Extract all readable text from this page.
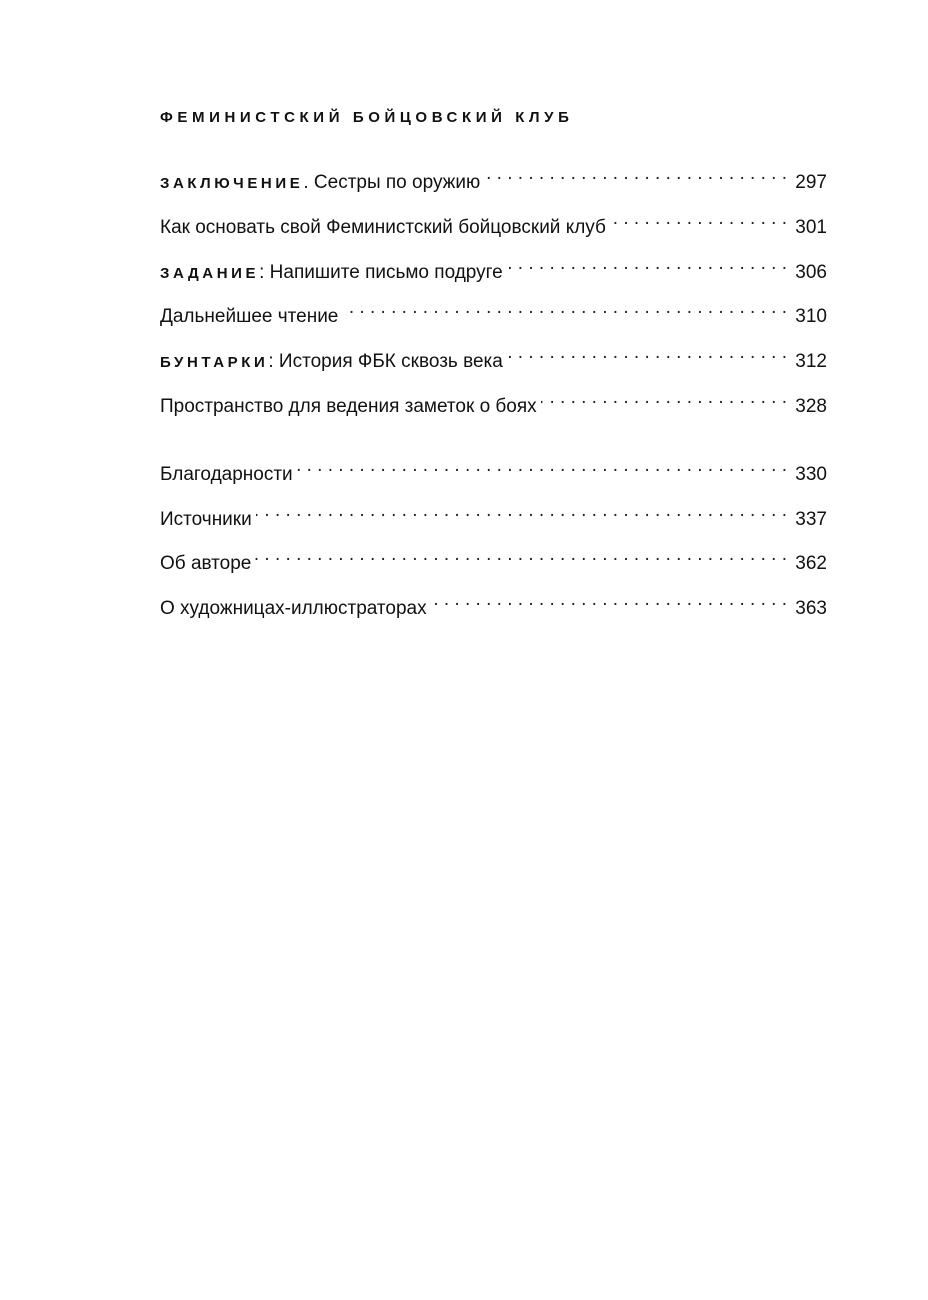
ФЕМИНИСТСКИЙ БОЙЦОВСКИЙ КЛУБ
ЗАКЛЮЧЕНИЕ. Сестры по оружию . . .	297
Как основать свой Феминистский бойцовский клуб . . .	301
ЗАДАНИЕ: Напишите письмо подруге . . .	306
Дальнейшее чтение . . .	310
БУНТАРКИ: История ФБК сквозь века . . .	312
Пространство для ведения заметок о боях . . .	328
Благодарности . . .	330
Источники . . .	337
Об авторе . . .	362
О художницах-иллюстраторах . . .	363
